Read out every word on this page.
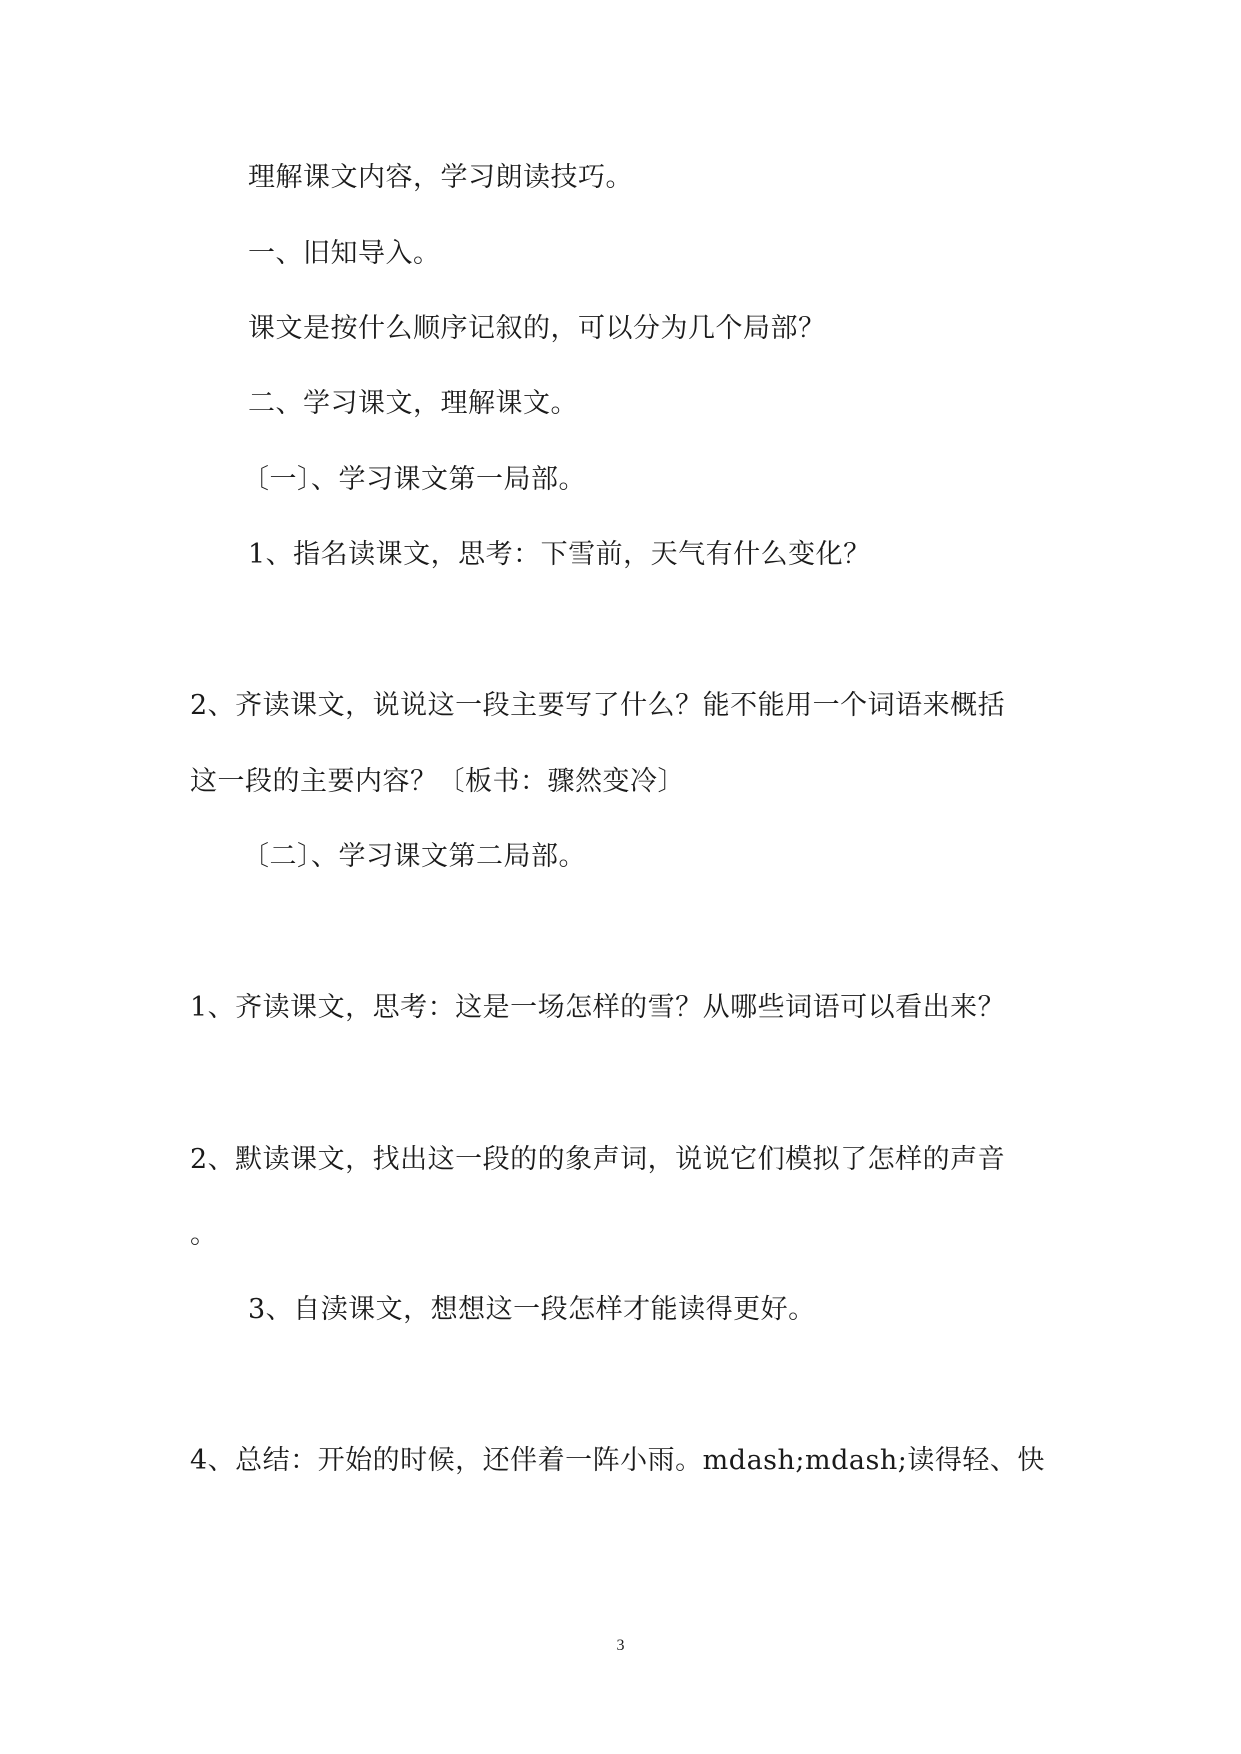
理解课文内容，学习朗读技巧。
一、旧知导入。
课文是按什么顺序记叙的，可以分为几个局部？
二、学习课文，理解课文。
〔一〕、学习课文第一局部。
1、指名读课文，思考：下雪前，天气有什么变化？
2、齐读课文，说说这一段主要写了什么？能不能用一个词语来概括
这一段的主要内容？〔板书：骤然变冷〕
〔二〕、学习课文第二局部。
1、齐读课文，思考：这是一场怎样的雪？从哪些词语可以看出来？
2、默读课文，找出这一段的的象声词，说说它们模拟了怎样的声音
。
3、自渎课文，想想这一段怎样才能读得更好。
4、总结：开始的时候，还伴着一阵小雨。mdash;mdash;读得轻、快
3
